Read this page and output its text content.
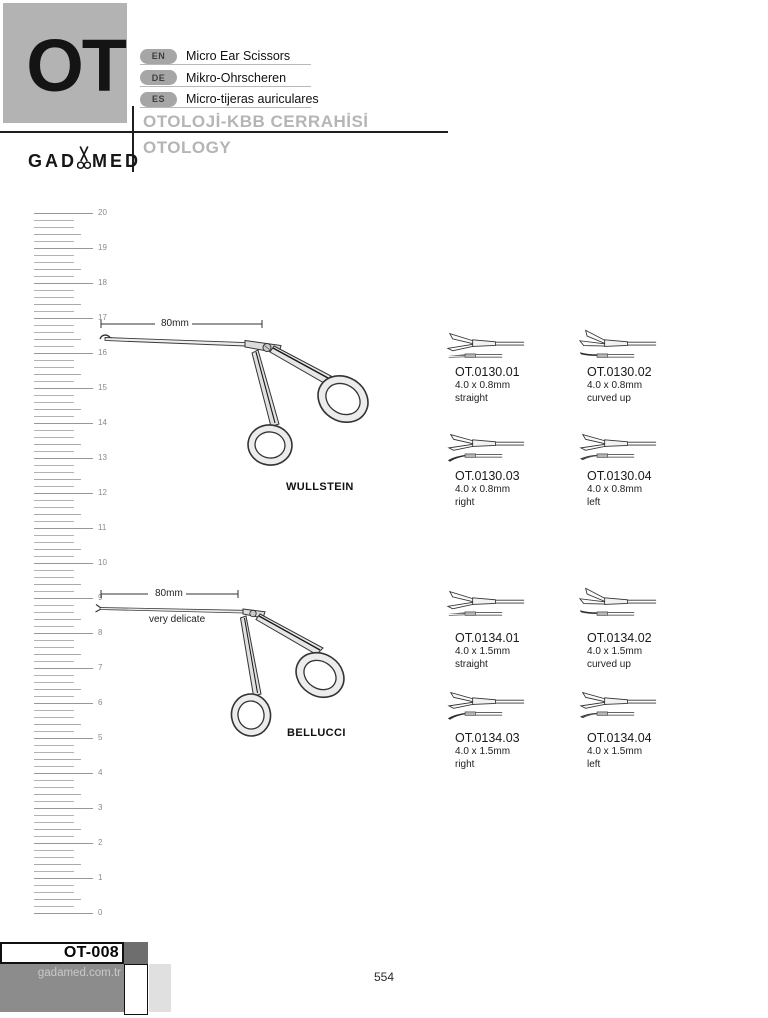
OT	EN	Micro Ear Scissors
DE	Mikro-Ohrscheren
ES	Micro-tijeras auriculares
OTOLOJİ-KBB CERRAHİSİ
OTOLOGY
GAD MED
20
19
18
17
16
15
14
13
12
11
10
9
8
7
6
5
4
3
2
1
0
80mm
WULLSTEIN
80mm
very delicate
BELLUCCI
OT.0130.01
4.0 x 0.8mm
straight
OT.0130.02
4.0 x 0.8mm
curved up
OT.0130.03
4.0 x 0.8mm
right
OT.0130.04
4.0 x 0.8mm
left
OT.0134.01
4.0 x 1.5mm
straight
OT.0134.02
4.0 x 1.5mm
curved up
OT.0134.03
4.0 x 1.5mm
right
OT.0134.04
4.0 x 1.5mm
left
OT-008
gadamed.com.tr	554
